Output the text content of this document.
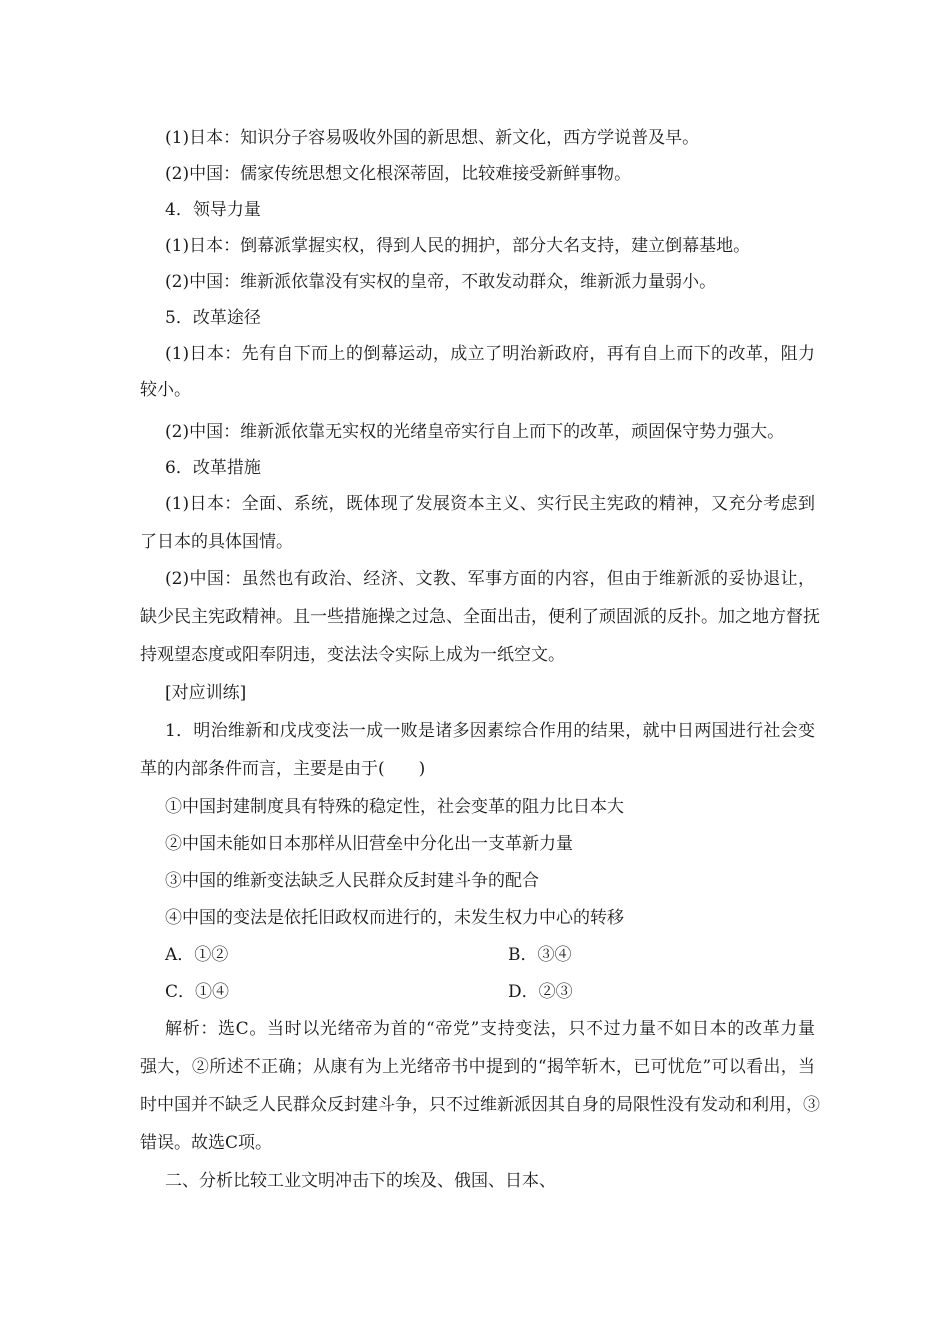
(1)日本：知识分子容易吸收外国的新思想、新文化，西方学说普及早。
(2)中国：儒家传统思想文化根深蒂固，比较难接受新鲜事物。
4．领导力量
(1)日本：倒幕派掌握实权，得到人民的拥护，部分大名支持，建立倒幕基地。
(2)中国：维新派依靠没有实权的皇帝，不敢发动群众，维新派力量弱小。
5．改革途径
(1)日本：先有自下而上的倒幕运动，成立了明治新政府，再有自上而下的改革，阻力
较小。
(2)中国：维新派依靠无实权的光绪皇帝实行自上而下的改革，顽固保守势力强大。
6．改革措施
(1)日本：全面、系统，既体现了发展资本主义、实行民主宪政的精神，又充分考虑到
了日本的具体国情。
(2)中国：虽然也有政治、经济、文教、军事方面的内容，但由于维新派的妥协退让，
缺少民主宪政精神。且一些措施操之过急、全面出击，便利了顽固派的反扑。加之地方督抚
持观望态度或阳奉阴违，变法法令实际上成为一纸空文。
[对应训练]
1．明治维新和戊戌变法一成一败是诸多因素综合作用的结果，就中日两国进行社会变
革的内部条件而言，主要是由于(　　)
①中国封建制度具有特殊的稳定性，社会变革的阻力比日本大
②中国未能如日本那样从旧营垒中分化出一支革新力量
③中国的维新变法缺乏人民群众反封建斗争的配合
④中国的变法是依托旧政权而进行的，未发生权力中心的转移
A．①②	B．③④
C．①④	D．②③
解析：选C。当时以光绪帝为首的“帝党”支持变法，只不过力量不如日本的改革力量
强大，②所述不正确；从康有为上光绪帝书中提到的“揭竿斩木，已可忧危”可以看出，当
时中国并不缺乏人民群众反封建斗争，只不过维新派因其自身的局限性没有发动和利用，③
错误。故选C项。
二、分析比较工业文明冲击下的埃及、俄国、日本、
